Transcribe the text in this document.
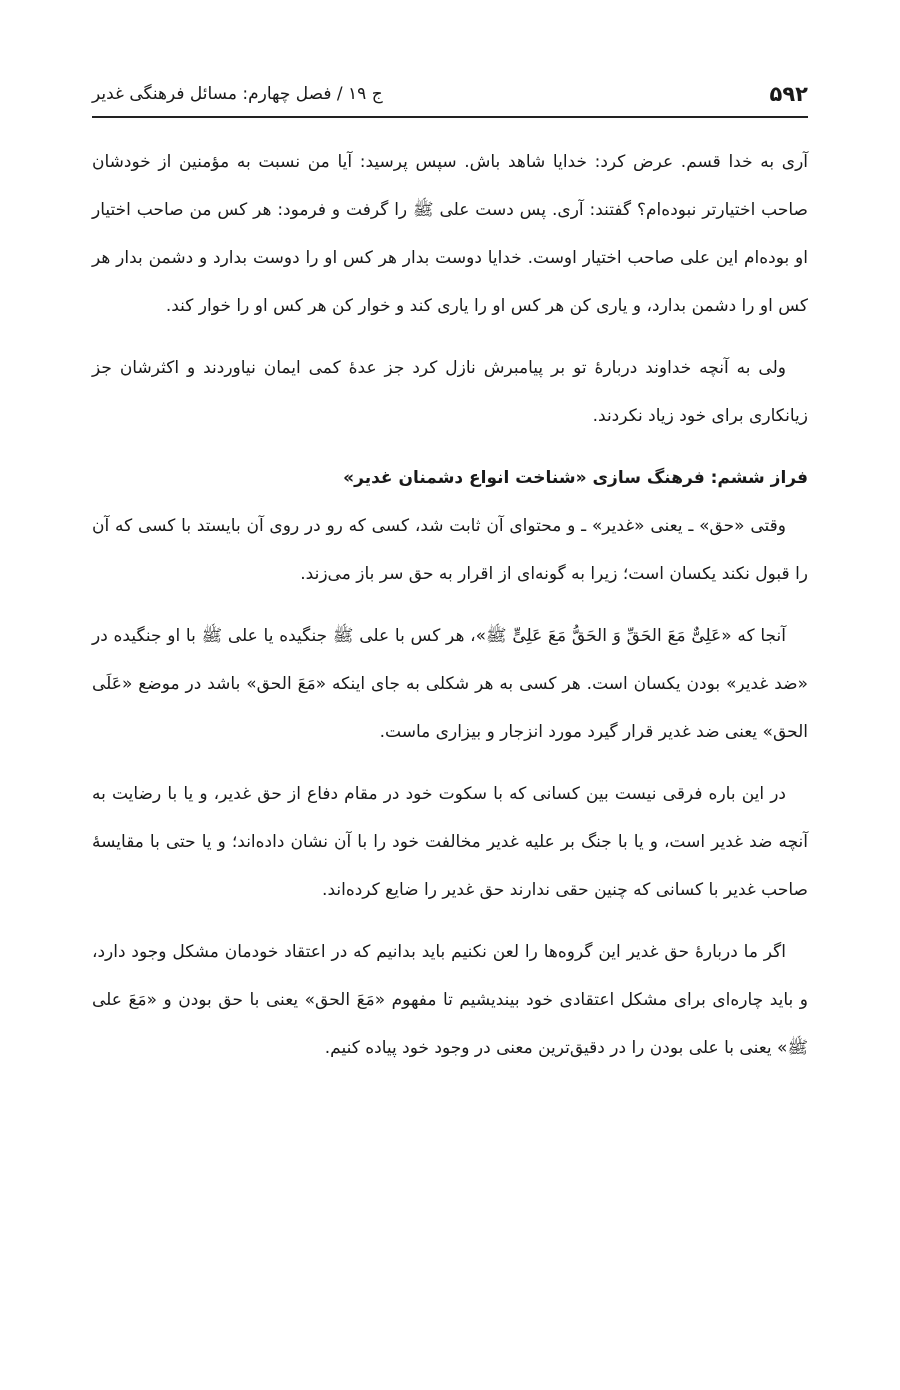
۵۹۲
ج ۱۹ / فصل چهارم: مسائل فرهنگی غدیر

آری به خدا قسم. عرض کرد: خدایا شاهد باش. سپس پرسید: آیا من نسبت به مؤمنین از خودشان صاحب اختیارتر نبوده‌ام؟ گفتند: آری. پس دست علی ﷺ را گرفت و فرمود: هر کس من صاحب اختیار او بوده‌ام این علی صاحب اختیار اوست. خدایا دوست بدار هر کس او را دوست بدارد و دشمن بدار هر کس او را دشمن بدارد، و یاری کن هر کس او را یاری کند و خوار کن هر کس او را خوار کند.

ولی به آنچه خداوند دربارهٔ تو بر پیامبرش نازل کرد جز عدهٔ کمی ایمان نیاوردند و اکثرشان جز زیانکاری برای خود زیاد نکردند.

فراز ششم: فرهنگ سازی «شناخت انواع دشمنان غدیر»

وقتی «حق» ـ یعنی «غدیر» ـ و محتوای آن ثابت شد، کسی که رو در روی آن بایستد با کسی که آن را قبول نکند یکسان است؛ زیرا به گونه‌ای از اقرار به حق سر باز می‌زند.

آنجا که «عَلِیٌّ مَعَ الحَقِّ وَ الحَقُّ مَعَ عَلِیٍّ ﷺ»، هر کس با علی ﷺ جنگیده یا علی ﷺ با او جنگیده در «ضد غدیر» بودن یکسان است. هر کسی به هر شکلی به جای اینکه «مَعَ الحق» باشد در موضع «عَلَی الحق» یعنی ضد غدیر قرار گیرد مورد انزجار و بیزاری ماست.

در این باره فرقی نیست بین کسانی که با سکوت خود در مقام دفاع از حق غدیر، و یا با رضایت به آنچه ضد غدیر است، و یا با جنگ بر علیه غدیر مخالفت خود را با آن نشان داده‌اند؛ و یا حتی با مقایسهٔ صاحب غدیر با کسانی که چنین حقی ندارند حق غدیر را ضایع کرده‌اند.

اگر ما دربارهٔ حق غدیر این گروه‌ها را لعن نکنیم باید بدانیم که در اعتقاد خودمان مشکل وجود دارد، و باید چاره‌ای برای مشکل اعتقادی خود بیندیشیم تا مفهوم «مَعَ الحق» یعنی با حق بودن و «مَعَ علی ﷺ» یعنی با علی بودن را در دقیق‌ترین معنی در وجود خود پیاده کنیم.
